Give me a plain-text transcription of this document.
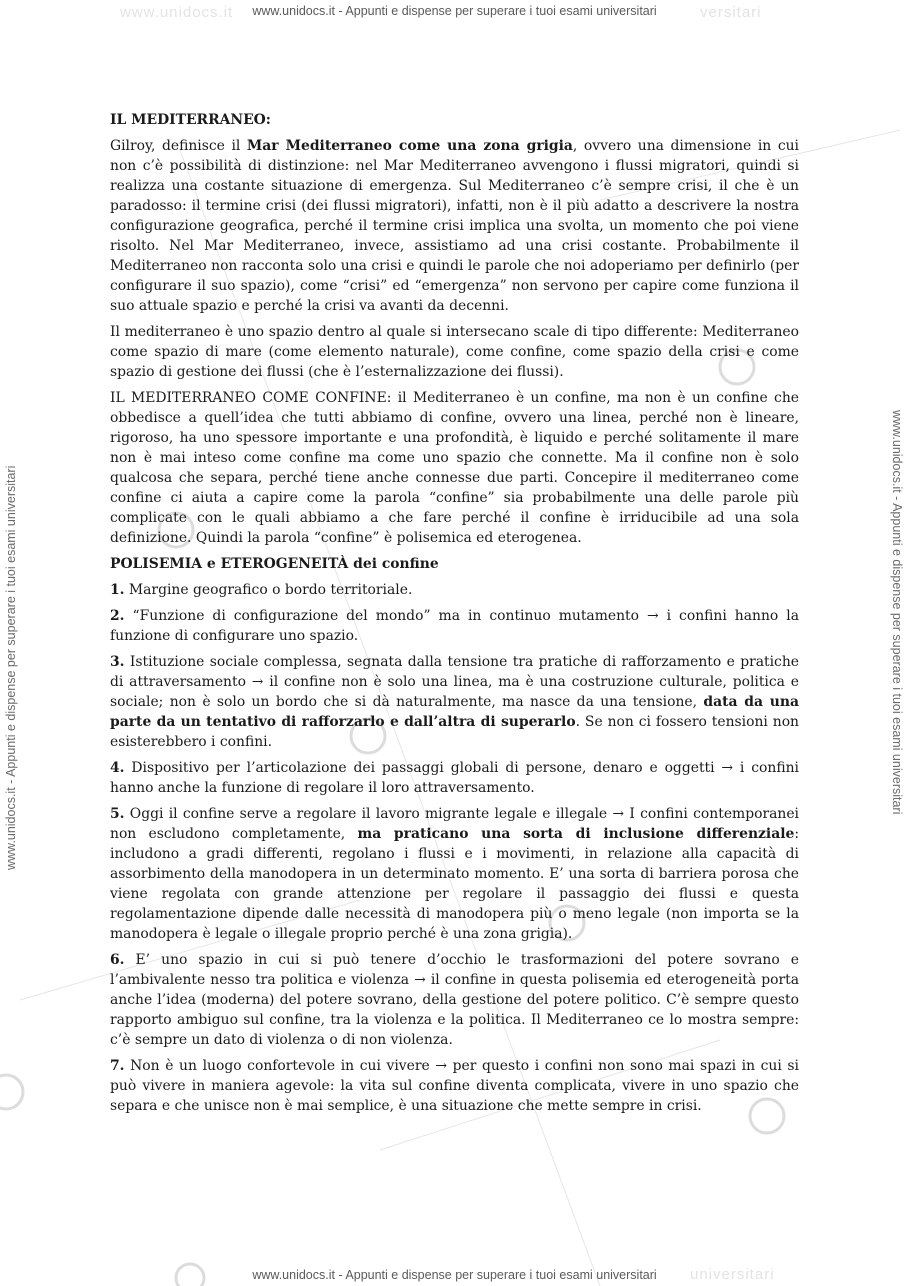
www.unidocs.it	versitari
universitari
www.unidocs.it - Appunti e dispense per superare i tuoi esami universitari
www.unidocs.it - Appunti e dispense per superare i tuoi esami universitari
www.unidocs.it - Appunti e dispense per superare i tuoi esami universitari	www.unidocs.it - Appunti e dispense per superare i tuoi esami universitari

IL MEDITERRANEO:

Gilroy, definisce il Mar Mediterraneo come una zona grigia, ovvero una dimensione in cui non c’è possibilità di distinzione: nel Mar Mediterraneo avvengono i flussi migratori, quindi si realizza una costante situazione di emergenza. Sul Mediterraneo c’è sempre crisi, il che è un paradosso: il termine crisi (dei flussi migratori), infatti, non è il più adatto a descrivere la nostra configurazione geografica, perché il termine crisi implica una svolta, un momento che poi viene risolto. Nel Mar Mediterraneo, invece, assistiamo ad una crisi costante. Probabilmente il Mediterraneo non racconta solo una crisi e quindi le parole che noi adoperiamo per definirlo (per configurare il suo spazio), come “crisi” ed “emergenza” non servono per capire come funziona il suo attuale spazio e perché la crisi va avanti da decenni.

Il mediterraneo è uno spazio dentro al quale si intersecano scale di tipo differente: Mediterraneo come spazio di mare (come elemento naturale), come confine, come spazio della crisi e come spazio di gestione dei flussi (che è l’esternalizzazione dei flussi).

IL MEDITERRANEO COME CONFINE: il Mediterraneo è un confine, ma non è un confine che obbedisce a quell’idea che tutti abbiamo di confine, ovvero una linea, perché non è lineare, rigoroso, ha uno spessore importante e una profondità, è liquido e perché solitamente il mare non è mai inteso come confine ma come uno spazio che connette. Ma il confine non è solo qualcosa che separa, perché tiene anche connesse due parti. Concepire il mediterraneo come confine ci aiuta a capire come la parola “confine” sia probabilmente una delle parole più complicate con le quali abbiamo a che fare perché il confine è irriducibile ad una sola definizione. Quindi la parola “confine” è polisemica ed eterogenea.

POLISEMIA e ETEROGENEITÀ dei confine

1. Margine geografico o bordo territoriale.

2. “Funzione di configurazione del mondo” ma in continuo mutamento → i confini hanno la funzione di configurare uno spazio.

3. Istituzione sociale complessa, segnata dalla tensione tra pratiche di rafforzamento e pratiche di attraversamento → il confine non è solo una linea, ma è una costruzione culturale, politica e sociale; non è solo un bordo che si dà naturalmente, ma nasce da una tensione, data da una parte da un tentativo di rafforzarlo e dall’altra di superarlo. Se non ci fossero tensioni non esisterebbero i confini.

4. Dispositivo per l’articolazione dei passaggi globali di persone, denaro e oggetti → i confini hanno anche la funzione di regolare il loro attraversamento.

5. Oggi il confine serve a regolare il lavoro migrante legale e illegale → I confini contemporanei non escludono completamente, ma praticano una sorta di inclusione differenziale: includono a gradi differenti, regolano i flussi e i movimenti, in relazione alla capacità di assorbimento della manodopera in un determinato momento. E’ una sorta di barriera porosa che viene regolata con grande attenzione per regolare il passaggio dei flussi e questa regolamentazione dipende dalle necessità di manodopera più o meno legale (non importa se la manodopera è legale o illegale proprio perché è una zona grigia).

6. E’ uno spazio in cui si può tenere d’occhio le trasformazioni del potere sovrano e l’ambivalente nesso tra politica e violenza → il confine in questa polisemia ed eterogeneità porta anche l’idea (moderna) del potere sovrano, della gestione del potere politico. C’è sempre questo rapporto ambiguo sul confine, tra la violenza e la politica. Il Mediterraneo ce lo mostra sempre: c’è sempre un dato di violenza o di non violenza.

7. Non è un luogo confortevole in cui vivere → per questo i confini non sono mai spazi in cui si può vivere in maniera agevole: la vita sul confine diventa complicata, vivere in uno spazio che separa e che unisce non è mai semplice, è una situazione che mette sempre in crisi.
